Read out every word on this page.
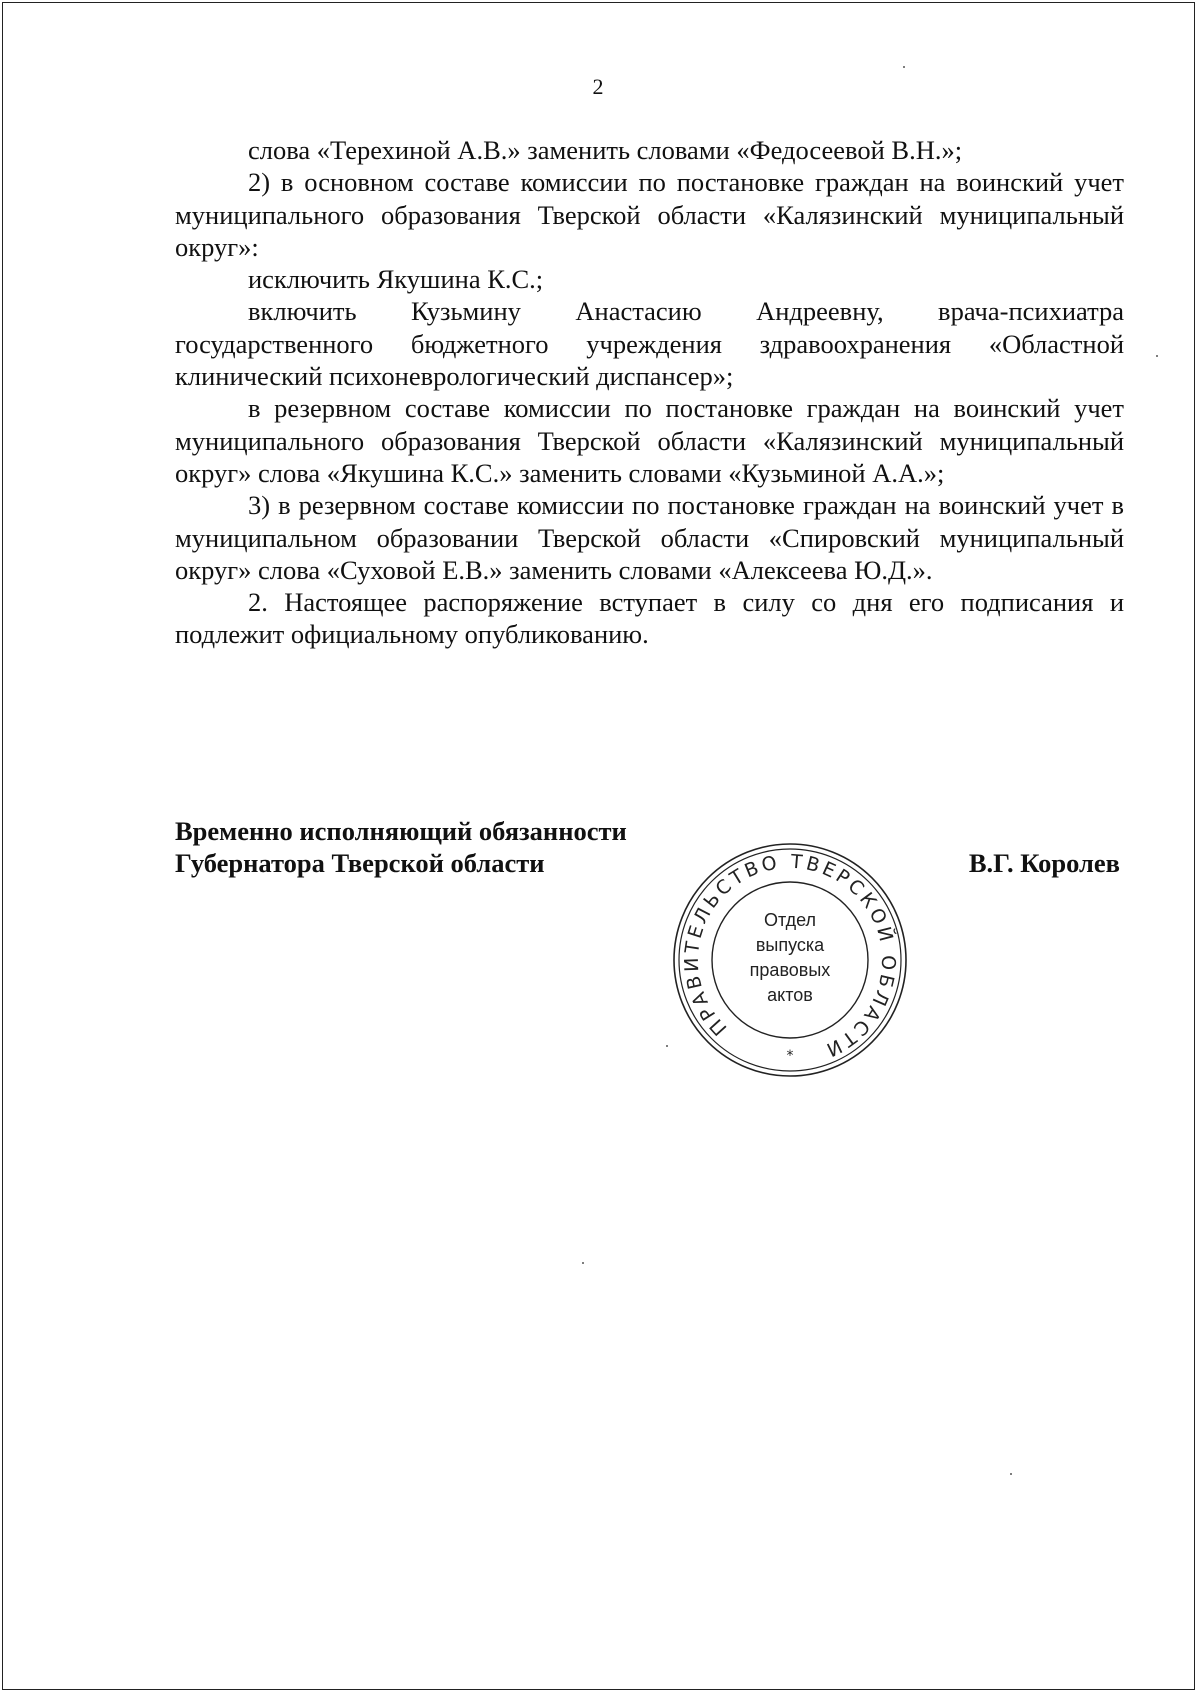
2

слова «Терехиной А.В.» заменить словами «Федосеевой В.Н.»;

2) в основном составе комиссии по постановке граждан на воинский учет муниципального образования Тверской области «Калязинский муниципальный округ»:

исключить Якушина К.С.;

включить Кузьмину Анастасию Андреевну, врача-психиатра государственного бюджетного учреждения здравоохранения «Областной клинический психоневрологический диспансер»;

в резервном составе комиссии по постановке граждан на воинский учет муниципального образования Тверской области «Калязинский муниципальный округ» слова «Якушина К.С.» заменить словами «Кузьминой А.А.»;

3) в резервном составе комиссии по постановке граждан на воинский учет в муниципальном образовании Тверской области «Спировский муниципальный округ» слова «Суховой Е.В.» заменить словами «Алексеева Ю.Д.».

2. Настоящее распоряжение вступает в силу со дня его подписания и подлежит официальному опубликованию.

Временно исполняющий обязанности
Губернатора Тверской области	В.Г. Королев
ПРАВИТЕЛЬСТВО ТВЕРСКОЙ ОБЛАСТИ
*
Отдел
выпуска
правовых
актов
